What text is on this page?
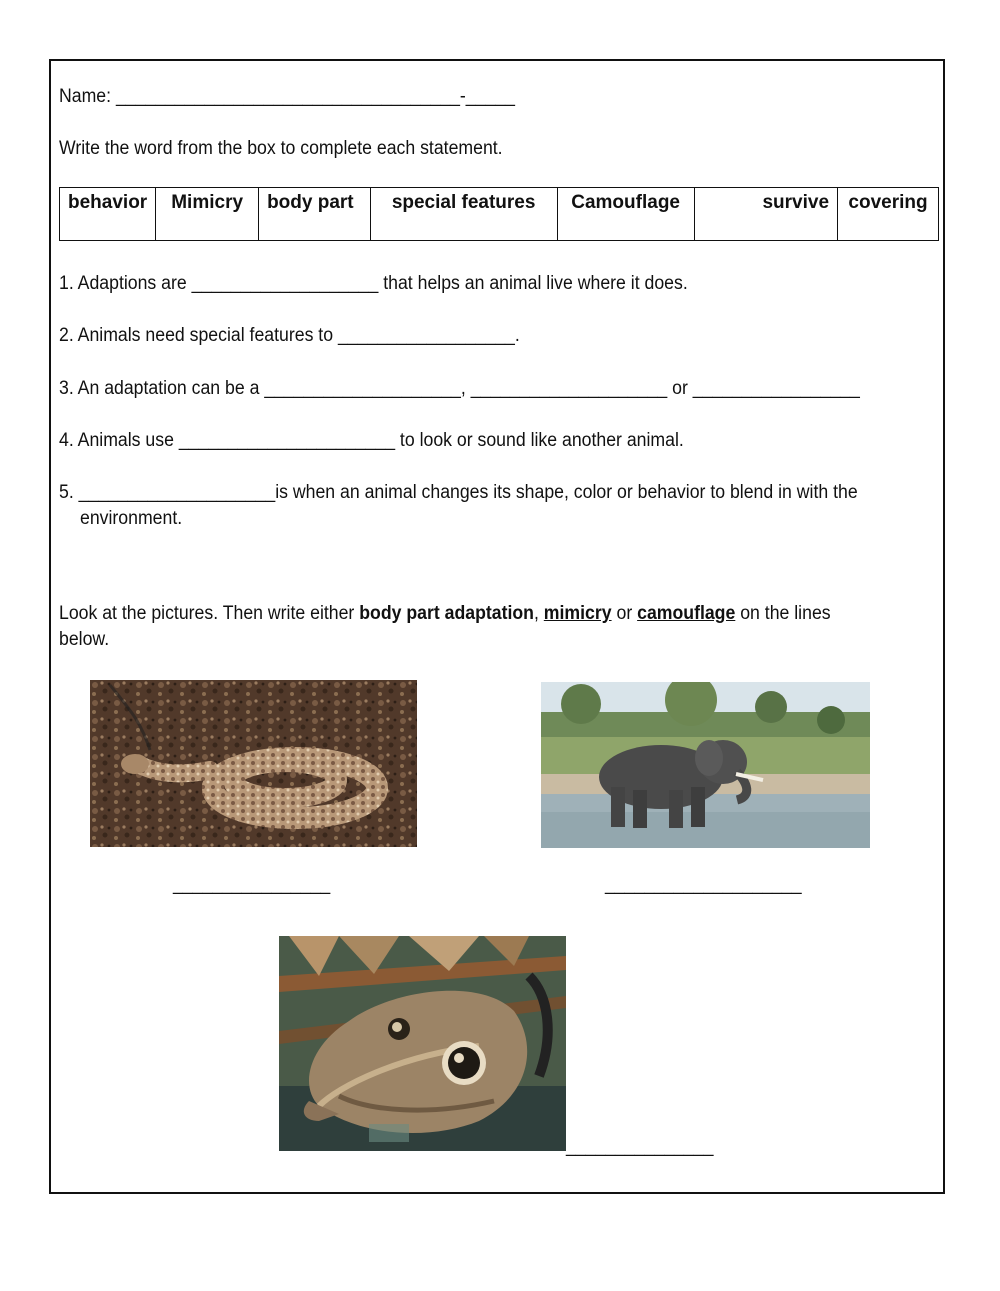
Name: ___________________________________-_____
Write the word from the box to complete each statement.
behavior	Mimicry	body part	special features	Camouflage	survive	covering
1. Adaptions are ___________________ that helps an animal live where it does.
2. Animals need special features to __________________.
3. An adaptation can be a ____________________, ____________________ or _________________
4. Animals use ______________________ to look or sound like another animal.
5. ____________________is when an animal changes its shape, color or behavior to blend in with the
environment.
Look at the pictures. Then write either body part adaptation, mimicry or camouflage on the lines
below.
________________	____________________
_______________
